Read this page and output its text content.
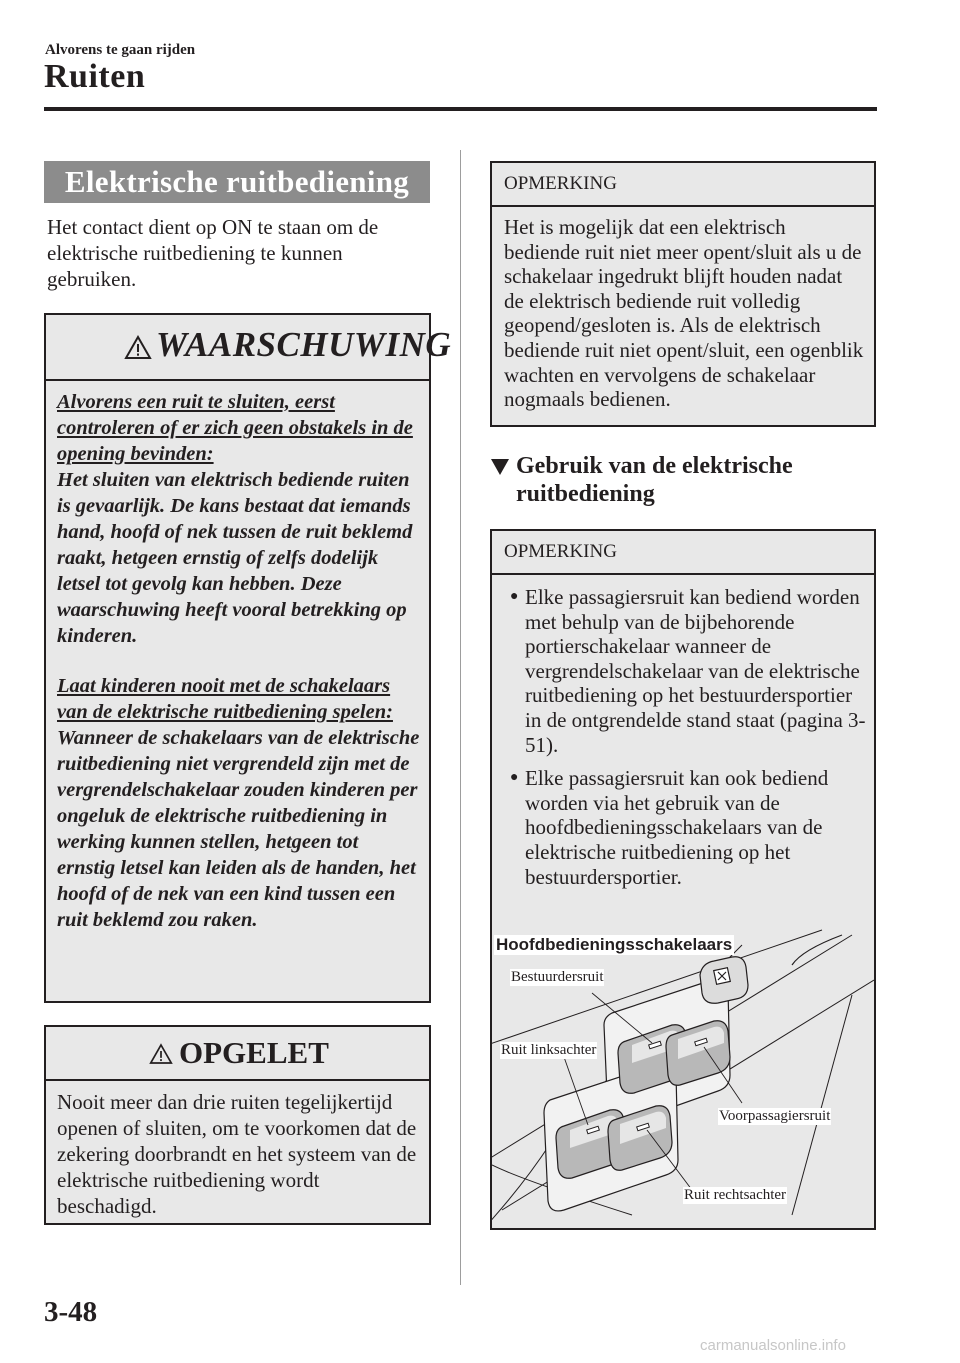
Alvorens te gaan rijden
Ruiten
Elektrische ruitbediening
Het contact dient op ON te staan om de elektrische ruitbediening te kunnen gebruiken.
WAARSCHUWING

Alvorens een ruit te sluiten, eerst controleren of er zich geen obstakels in de opening bevinden:

Het sluiten van elektrisch bediende ruiten is gevaarlijk. De kans bestaat dat iemands hand, hoofd of nek tussen de ruit beklemd raakt, hetgeen ernstig of zelfs dodelijk letsel tot gevolg kan hebben. Deze waarschuwing heeft vooral betrekking op kinderen.

Laat kinderen nooit met de schakelaars van de elektrische ruitbediening spelen:

Wanneer de schakelaars van de elektrische ruitbediening niet vergrendeld zijn met de vergrendelschakelaar zouden kinderen per ongeluk de elektrische ruitbediening in werking kunnen stellen, hetgeen tot ernstig letsel kan leiden als de handen, het hoofd of de nek van een kind tussen een ruit beklemd zou raken.

OPGELET
Nooit meer dan drie ruiten tegelijkertijd openen of sluiten, om te voorkomen dat de zekering doorbrandt en het systeem van de elektrische ruitbediening wordt beschadigd.
OPMERKING
Het is mogelijk dat een elektrisch bediende ruit niet meer opent/sluit als u de schakelaar ingedrukt blijft houden nadat de elektrisch bediende ruit volledig geopend/gesloten is. Als de elektrisch bediende ruit niet opent/sluit, een ogenblik wachten en vervolgens de schakelaar nogmaals bedienen.
Gebruik van de elektrische ruitbediening
OPMERKING
● Elke passagiersruit kan bediend worden met behulp van de bijbehorende portierschakelaar wanneer de vergrendelschakelaar van de elektrische ruitbediening op het bestuurdersportier in de ontgrendelde stand staat (pagina 3-51).
● Elke passagiersruit kan ook bediend worden via het gebruik van de hoofdbedieningsschakelaars van de elektrische ruitbediening op het bestuurdersportier.
Hoofdbedieningsschakelaars
Bestuurdersruit
Ruit linksachter
Voorpassagiersruit
Ruit rechtsachter
3-48
carmanualsonline.info
